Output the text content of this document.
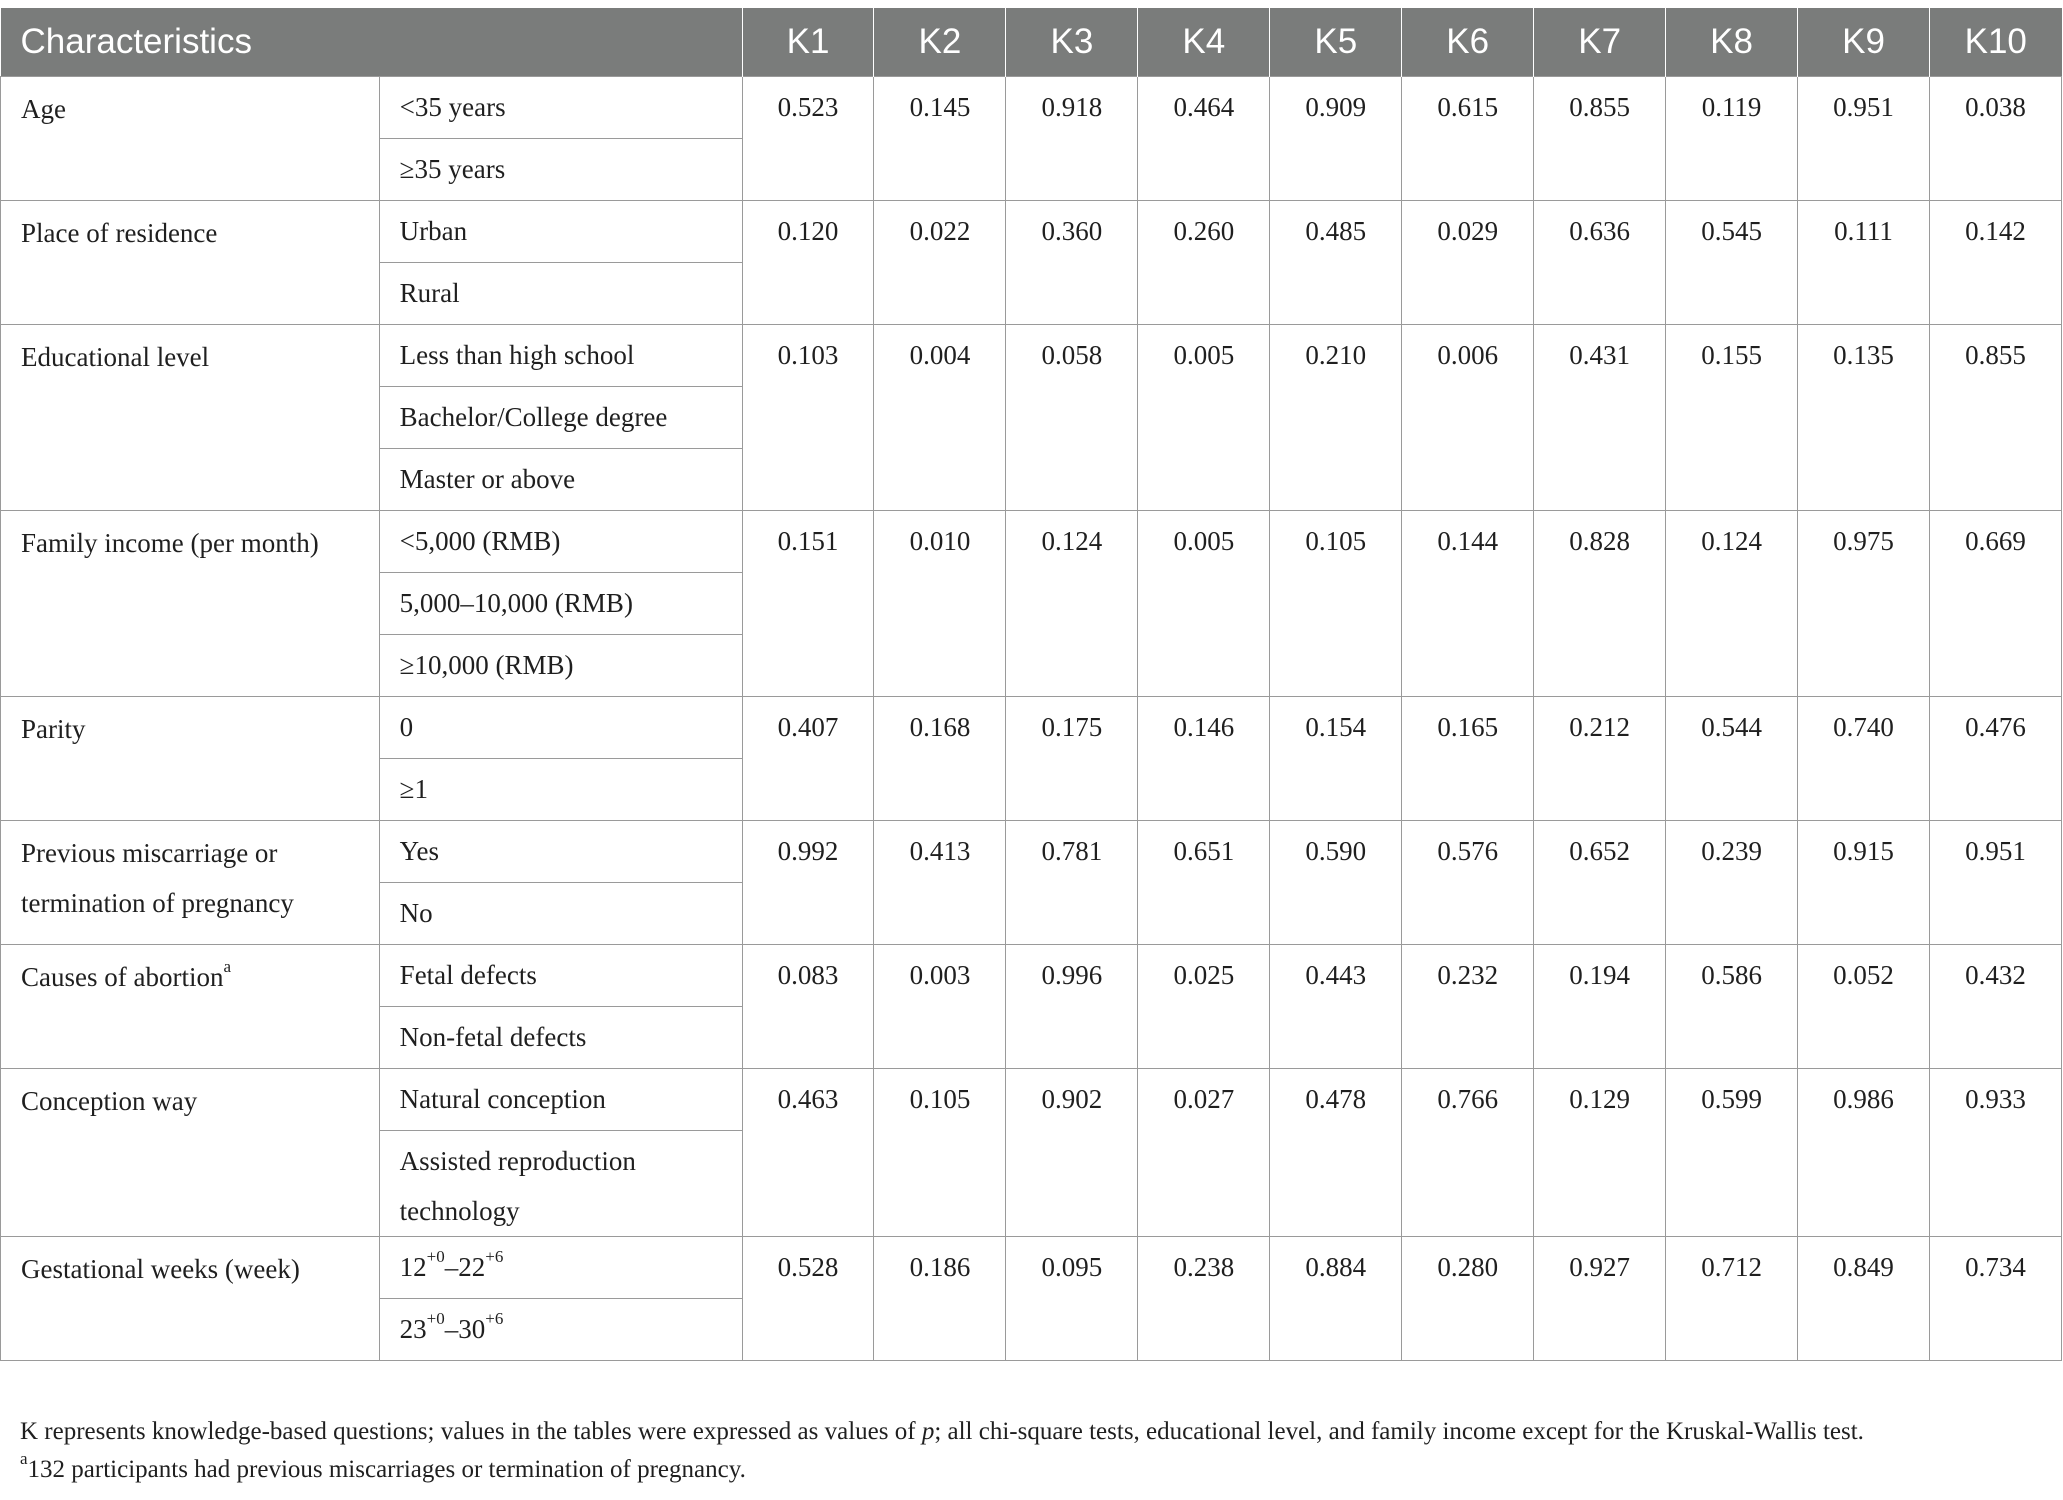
Characteristics		K1	K2	K3	K4	K5	K6	K7	K8	K9	K10
Age	<35 years	0.523	0.145	0.918	0.464	0.909	0.615	0.855	0.119	0.951	0.038
	≥35 years										
Place of residence	Urban	0.120	0.022	0.360	0.260	0.485	0.029	0.636	0.545	0.111	0.142
	Rural										
Educational level	Less than high school	0.103	0.004	0.058	0.005	0.210	0.006	0.431	0.155	0.135	0.855
	Bachelor/College degree										
	Master or above										
Family income (per month)	<5,000 (RMB)	0.151	0.010	0.124	0.005	0.105	0.144	0.828	0.124	0.975	0.669
	5,000–10,000 (RMB)										
	≥10,000 (RMB)										
Parity	0	0.407	0.168	0.175	0.146	0.154	0.165	0.212	0.544	0.740	0.476
	≥1										
Previous miscarriage or termination of pregnancy	Yes	0.992	0.413	0.781	0.651	0.590	0.576	0.652	0.239	0.915	0.951
	No										
Causes of abortion$^a$	Fetal defects	0.083	0.003	0.996	0.025	0.443	0.232	0.194	0.586	0.052	0.432
	Non-fetal defects										
Conception way	Natural conception	0.463	0.105	0.902	0.027	0.478	0.766	0.129	0.599	0.986	0.933
	Assisted reproduction technology										
Gestational weeks (week)	$12^{+0}-22^{+6}$	0.528	0.186	0.095	0.238	0.884	0.280	0.927	0.712	0.849	0.734
	$23^{+0}-30^{+6}$
K represents knowledge-based questions; values in the tables were expressed as values of p; all chi-square tests, educational level, and family income except for the Kruskal-Wallis test.
$^a$132 participants had previous miscarriages or termination of pregnancy.
